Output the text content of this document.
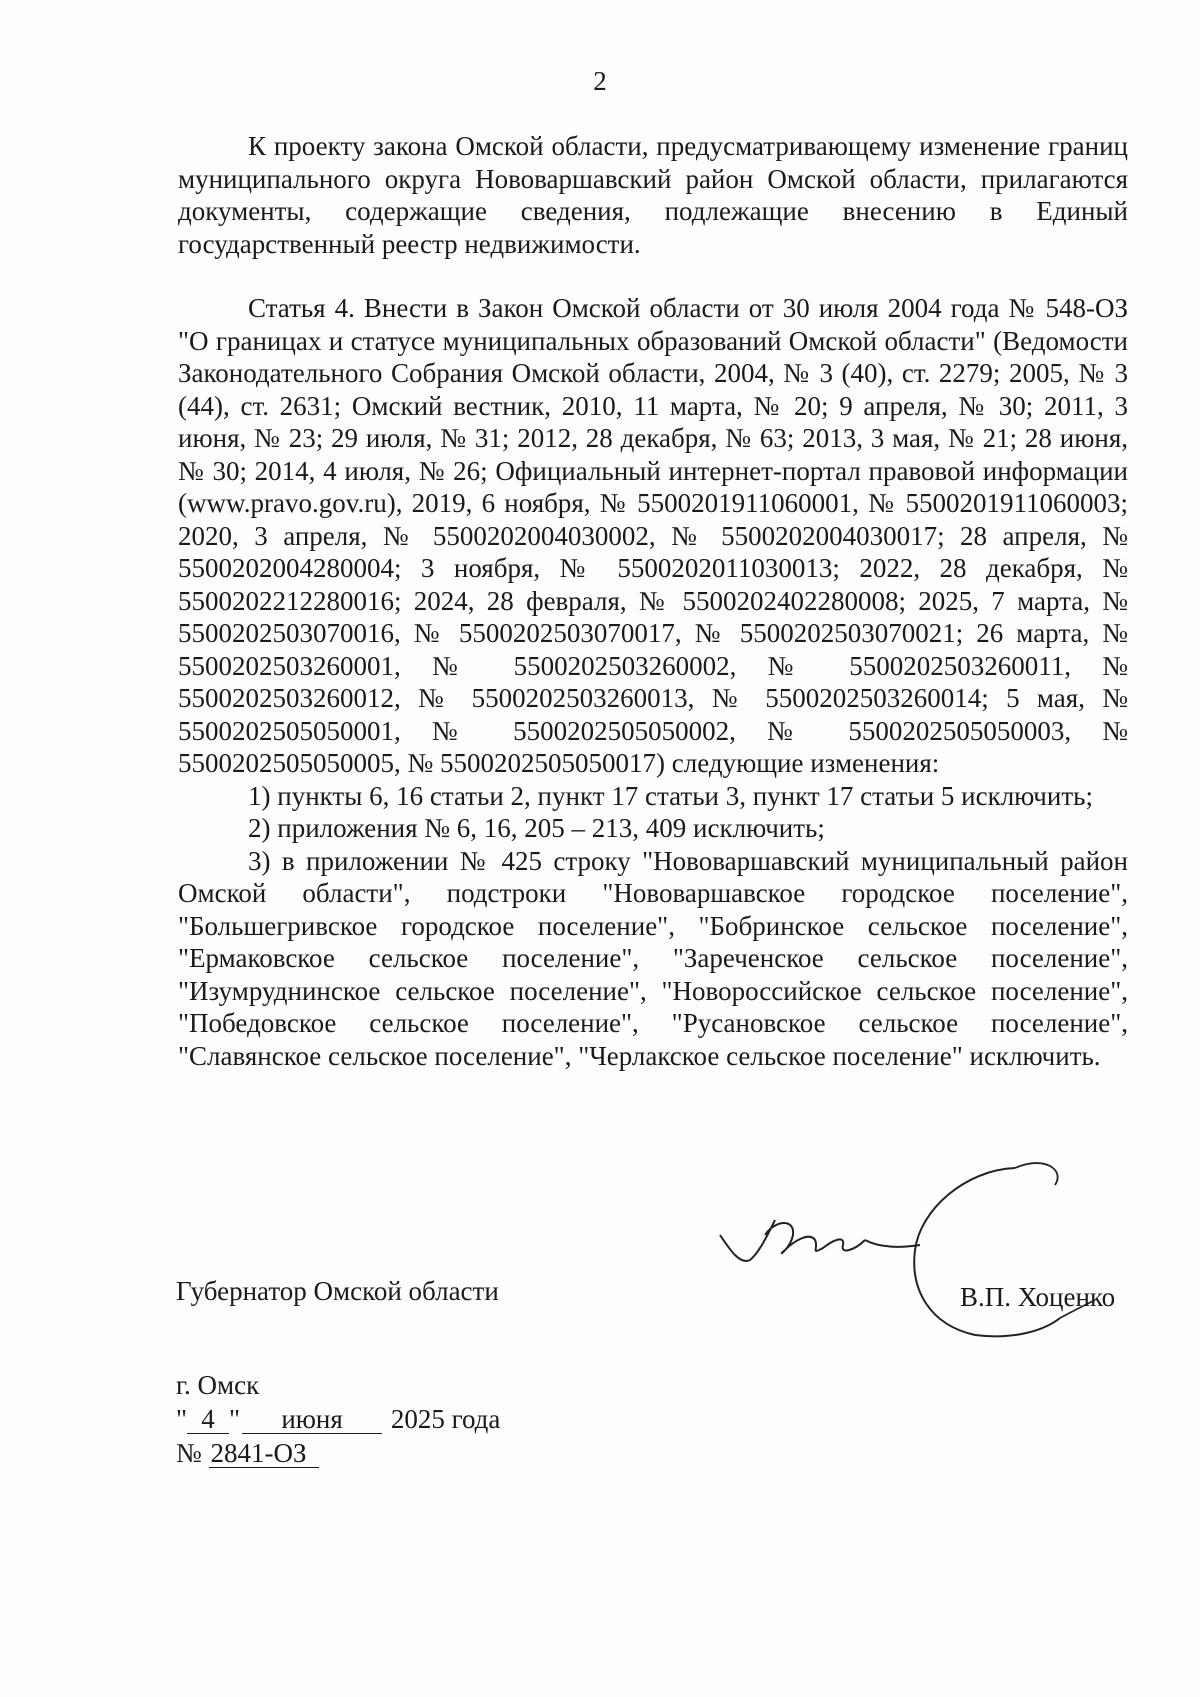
2

К проекту закона Омской области, предусматривающему изменение границ муниципального округа Нововаршавский район Омской области, прилагаются документы, содержащие сведения, подлежащие внесению в Единый государственный реестр недвижимости.

Статья 4. Внести в Закон Омской области от 30 июля 2004 года № 548-ОЗ "О границах и статусе муниципальных образований Омской области" (Ведомости Законодательного Собрания Омской области, 2004, № 3 (40), ст. 2279; 2005, № 3 (44), ст. 2631; Омский вестник, 2010, 11 марта, № 20; 9 апреля, № 30; 2011, 3 июня, № 23; 29 июля, № 31; 2012, 28 декабря, № 63; 2013, 3 мая, № 21; 28 июня, № 30; 2014, 4 июля, № 26; Официальный интернет-портал правовой информации (www.pravo.gov.ru), 2019, 6 ноября, № 5500201911060001, № 5500201911060003; 2020, 3 апреля, № 5500202004030002, № 5500202004030017; 28 апреля, № 5500202004280004; 3 ноября, № 5500202011030013; 2022, 28 декабря, № 5500202212280016; 2024, 28 февраля, № 5500202402280008; 2025, 7 марта, № 5500202503070016, № 5500202503070017, № 5500202503070021; 26 марта, № 5500202503260001, № 5500202503260002, № 5500202503260011, № 5500202503260012, № 5500202503260013, № 5500202503260014; 5 мая, № 5500202505050001, № 5500202505050002, № 5500202505050003, № 5500202505050005, № 5500202505050017) следующие изменения:

1) пункты 6, 16 статьи 2, пункт 17 статьи 3, пункт 17 статьи 5 исключить;

2) приложения № 6, 16, 205 – 213, 409 исключить;

3) в приложении № 425 строку "Нововаршавский муниципальный район Омской области", подстроки "Нововаршавское городское поселение", "Большегривское городское поселение", "Бобринское сельское поселение", "Ермаковское сельское поселение", "Зареченское сельское поселение", "Изумруднинское сельское поселение", "Новороссийское сельское поселение", "Победовское сельское поселение", "Русановское сельское поселение", "Славянское сельское поселение", "Черлакское сельское поселение" исключить.

Губернатор Омской области	В.П. Хоценко
г. Омск
" 4 " июня 2025 года
№ 2841-ОЗ
